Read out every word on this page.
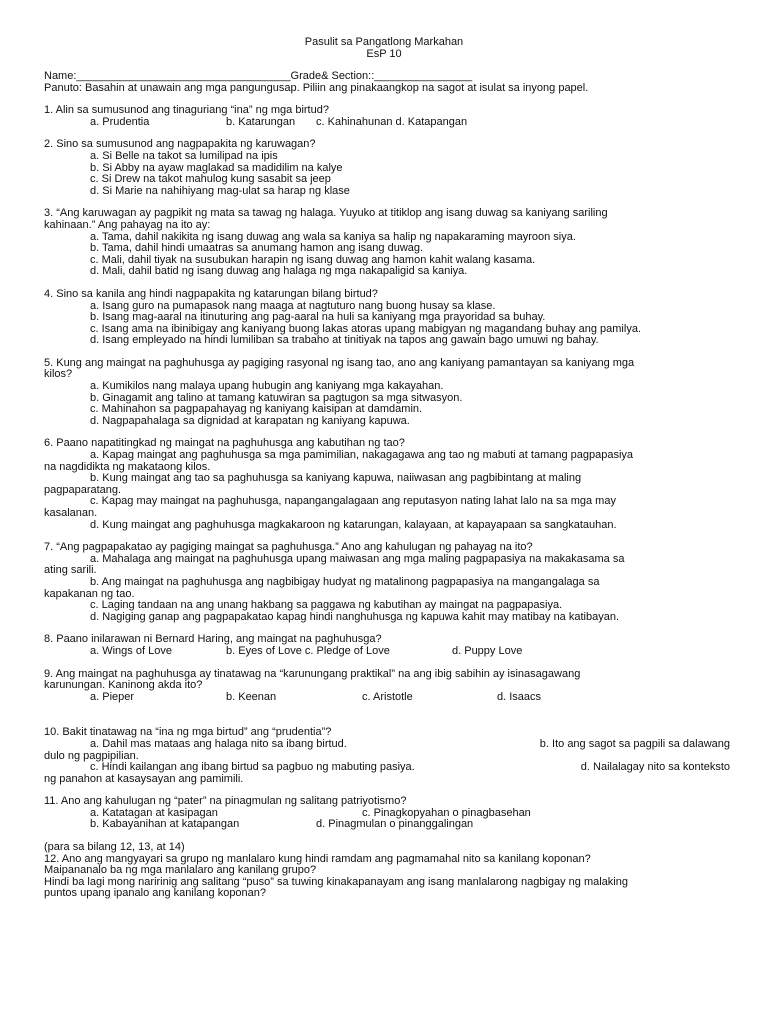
Pasulit sa Pangatlong Markahan
EsP 10
Name:___________________________________Grade& Section::________________
Panuto: Basahin at unawain ang mga pangungusap. Piliin ang pinakaangkop na sagot at isulat sa inyong papel.
1. Alin sa sumusunod ang tinaguriang “ina” ng mga birtud?
a. Prudentia	b. Katarungan c. Kahinahunan d. Katapangan
2. Sino sa sumusunod ang nagpapakita ng karuwagan?
a. Si Belle na takot sa lumilipad na ipis
b. Si Abby na ayaw maglakad sa madidilim na kalye
c. Si Drew na takot mahulog kung sasabit sa jeep
d. Si Marie na nahihiyang mag-ulat sa harap ng klase
3. “Ang karuwagan ay pagpikit ng mata sa tawag ng halaga. Yuyuko at titiklop ang isang duwag sa kaniyang sariling
kahinaan.” Ang pahayag na ito ay:
a. Tama, dahil nakikita ng isang duwag ang wala sa kaniya sa halip ng napakaraming mayroon siya.
b. Tama, dahil hindi umaatras sa anumang hamon ang isang duwag.
c. Mali, dahil tiyak na susubukan harapin ng isang duwag ang hamon kahit walang kasama.
d. Mali, dahil batid ng isang duwag ang halaga ng mga nakapaligid sa kaniya.
4. Sino sa kanila ang hindi nagpapakita ng katarungan bilang birtud?
a. Isang guro na pumapasok nang maaga at nagtuturo nang buong husay sa klase.
b. Isang mag-aaral na itinuturing ang pag-aaral na huli sa kaniyang mga prayoridad sa buhay.
c. Isang ama na ibinibigay ang kaniyang buong lakas atoras upang mabigyan ng magandang buhay ang pamilya.
d. Isang empleyado na hindi lumiliban sa trabaho at tinitiyak na tapos ang gawain bago umuwi ng bahay.
5. Kung ang maingat na paghuhusga ay pagiging rasyonal ng isang tao, ano ang kaniyang pamantayan sa kaniyang mga
kilos?
a. Kumikilos nang malaya upang hubugin ang kaniyang mga kakayahan.
b. Ginagamit ang talino at tamang katuwiran sa pagtugon sa mga sitwasyon.
c. Mahinahon sa pagpapahayag ng kaniyang kaisipan at damdamin.
d. Nagpapahalaga sa dignidad at karapatan ng kaniyang kapuwa.
6. Paano napatitingkad ng maingat na paghuhusga ang kabutihan ng tao?
a. Kapag maingat ang paghuhusga sa mga pamimilian, nakagagawa ang tao ng mabuti at tamang pagpapasiya
na nagdidikta ng makataong kilos.
b. Kung maingat ang tao sa paghuhusga sa kaniyang kapuwa, naiiwasan ang pagbibintang at maling
pagpaparatang.
c. Kapag may maingat na paghuhusga, napangangalagaan ang reputasyon nating lahat lalo na sa mga may
kasalanan.
d. Kung maingat ang paghuhusga magkakaroon ng katarungan, kalayaan, at kapayapaan sa sangkatauhan.
7. “Ang pagpapakatao ay pagiging maingat sa paghuhusga.” Ano ang kahulugan ng pahayag na ito?
a. Mahalaga ang maingat na paghuhusga upang maiwasan ang mga maling pagpapasiya na makakasama sa
ating sarili.
b. Ang maingat na paghuhusga ang nagbibigay hudyat ng matalinong pagpapasiya na mangangalaga sa
kapakanan ng tao.
c. Laging tandaan na ang unang hakbang sa paggawa ng kabutihan ay maingat na pagpapasiya.
d. Nagiging ganap ang pagpapakatao kapag hindi nanghuhusga ng kapuwa kahit may matibay na katibayan.
8. Paano inilarawan ni Bernard Haring, ang maingat na paghuhusga?
a. Wings of Love	b. Eyes of Love c. Pledge of Love	d. Puppy Love
9. Ang maingat na paghuhusga ay tinatawag na “karunungang praktikal” na ang ibig sabihin ay isinasagawang
karunungan. Kaninong akda ito?
a. Pieper	b. Keenan	c. Aristotle	d. Isaacs
10. Bakit tinatawag na “ina ng mga birtud” ang “prudentia”?
a. Dahil mas mataas ang halaga nito sa ibang birtud.	b. Ito ang sagot sa pagpili sa dalawang
dulo ng pagpipilian.
c. Hindi kailangan ang ibang birtud sa pagbuo ng mabuting pasiya.	d. Nailalagay nito sa konteksto
ng panahon at kasaysayan ang pamimili.
11. Ano ang kahulugan ng “pater” na pinagmulan ng salitang patriyotismo?
a. Katatagan at kasipagan	c. Pinagkopyahan o pinagbasehan
b. Kabayanihan at katapangan	d. Pinagmulan o pinanggalingan
(para sa bilang 12, 13, at 14)
12. Ano ang mangyayari sa grupo ng manlalaro kung hindi ramdam ang pagmamahal nito sa kanilang koponan?
Maipananalo ba ng mga manlalaro ang kanilang grupo?
Hindi ba lagi mong naririnig ang salitang “puso” sa tuwing kinakapanayam ang isang manlalarong nagbigay ng malaking
puntos upang ipanalo ang kanilang koponan?
